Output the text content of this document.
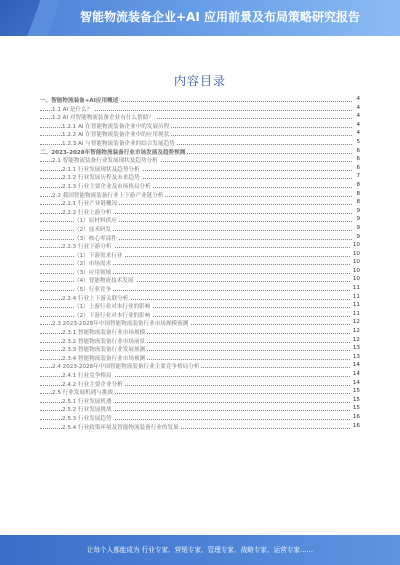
智能物流装备企业+AI 应用前景及布局策略研究报告
内容目录
一、智能物流装备+AI应用概述	4
1.1 AI 是什么？	4
1.2 AI 对智能物流装备企业有什么帮助？	4
1.2.1 AI 在智能物流装备企业中的发展历程	4
1.2.2 AI 在智能物流装备企业中的应用现状	4
1.2.3 AI 与智能物流装备企业的结合发展趋势	5
二、2023-2028年智能物流装备行业市场发展及趋势预测	6
2.1 智能物流装备行业发展现状及趋势分析	6
2.1.1 行业发展现状及趋势分析	6
2.1.2 行业发展历程及未来趋势	7
2.1.3 行业主要企业及市场格局分析	8
2.2 我国智能物流装备行业上下游产业链分析	8
2.2.1 行业产业链概况	8
2.2.2 行业上游分析	9
（1）原材料供应	9
（2）技术研发	9
（3）核心零部件	9
2.2.3 行业下游分析	10
（1）下游需求行业	10
（2）市场需求	10
（3）应用领域	10
（4）智能物流技术发展	10
（5）行业竞争	11
2.2.4 行业上下游关联分析	11
（1）上游行业对本行业的影响	11
（2）下游行业对本行业的影响	11
2.3 2023-2028年中国智能物流装备行业市场规模预测	12
2.3.1 智能物流装备行业市场规模	12
2.3.2 智能物流装备行业市场前景	12
2.3.3 智能物流装备行业发展预测	13
2.3.4 智能物流装备行业市场预测	13
2.4 2023-2028年中国智能物流装备行业主要竞争格局分析	14
2.4.1 行业竞争格局	14
2.4.2 行业主要企业分析	14
2.5 行业发展机遇与挑战	15
2.5.1 行业发展机遇	15
2.5.2 行业发展挑战	15
2.5.3 行业发展趋势	16
2.5.4 行业政策环境及智能物流装备行业的发展	16
让每个人都能成为 行业专家、营销专家、管理专家、战略专家、运营专家……
